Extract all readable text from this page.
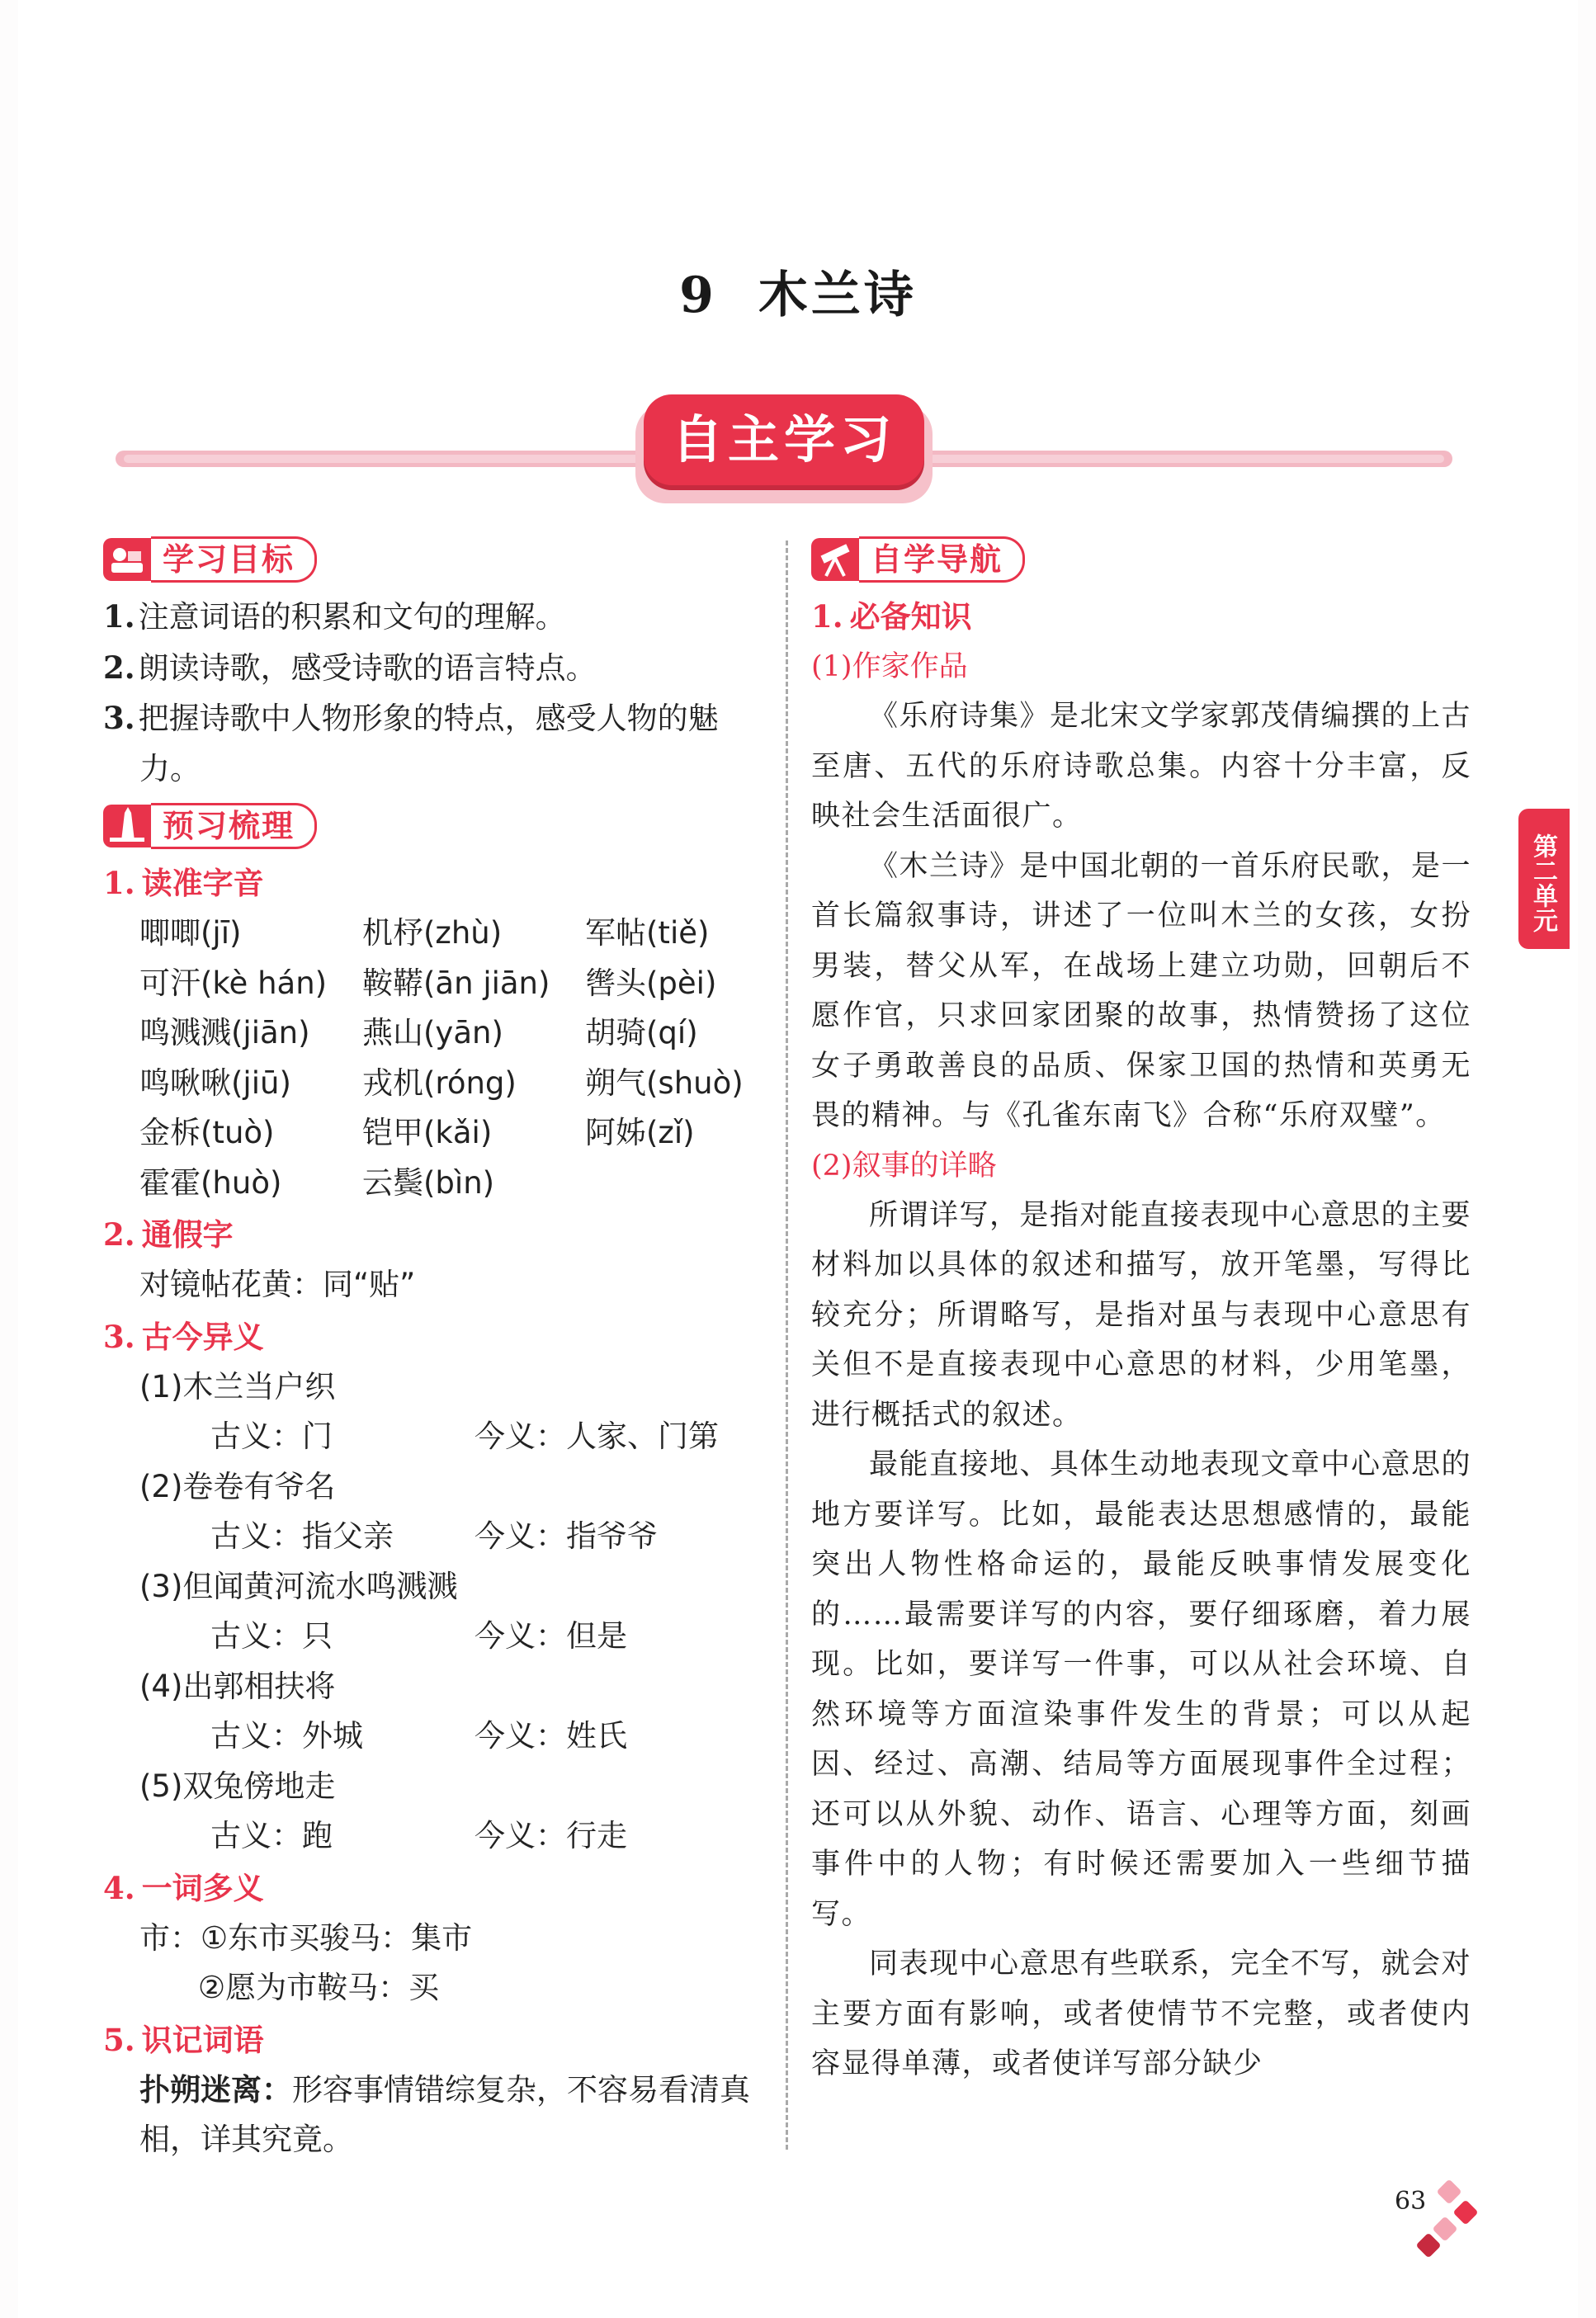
9 木兰诗
自主学习
学习目标
1. 注意词语的积累和文句的理解。
2. 朗读诗歌，感受诗歌的语言特点。
3. 把握诗歌中人物形象的特点，感受人物的魅力。
预习梳理
1. 读准字音
唧唧(jī)	机杼(zhù)	军帖(tiě)
可汗(kè hán)	鞍鞯(ān jiān)	辔头(pèi)
鸣溅溅(jiān)	燕山(yān)	胡骑(qí)
鸣啾啾(jiū)	戎机(róng)	朔气(shuò)
金柝(tuò)	铠甲(kǎi)	阿姊(zǐ)
霍霍(huò)	云鬓(bìn)
2. 通假字
对镜帖花黄：同“贴”
3. 古今异义
(1)木兰当户织
古义：门	今义：人家、门第
(2)卷卷有爷名
古义：指父亲	今义：指爷爷
(3)但闻黄河流水鸣溅溅
古义：只	今义：但是
(4)出郭相扶将
古义：外城	今义：姓氏
(5)双兔傍地走
古义：跑	今义：行走
4. 一词多义
市：①东市买骏马：集市
②愿为市鞍马：买
5. 识记词语
扑朔迷离：形容事情错综复杂，不容易看清真相，详其究竟。
自学导航
1. 必备知识
(1)作家作品
《乐府诗集》是北宋文学家郭茂倩编撰的上古至唐、五代的乐府诗歌总集。内容十分丰富，反映社会生活面很广。
《木兰诗》是中国北朝的一首乐府民歌，是一首长篇叙事诗，讲述了一位叫木兰的女孩，女扮男装，替父从军，在战场上建立功勋，回朝后不愿作官，只求回家团聚的故事，热情赞扬了这位女子勇敢善良的品质、保家卫国的热情和英勇无畏的精神。与《孔雀东南飞》合称“乐府双璧”。
(2)叙事的详略
所谓详写，是指对能直接表现中心意思的主要材料加以具体的叙述和描写，放开笔墨，写得比较充分；所谓略写，是指对虽与表现中心意思有关但不是直接表现中心意思的材料，少用笔墨，进行概括式的叙述。
最能直接地、具体生动地表现文章中心意思的地方要详写。比如，最能表达思想感情的，最能突出人物性格命运的，最能反映事情发展变化的……最需要详写的内容，要仔细琢磨，着力展现。比如，要详写一件事，可以从社会环境、自然环境等方面渲染事件发生的背景；可以从起因、经过、高潮、结局等方面展现事件全过程；还可以从外貌、动作、语言、心理等方面，刻画事件中的人物；有时候还需要加入一些细节描写。
同表现中心意思有些联系，完全不写，就会对主要方面有影响，或者使情节不完整，或者使内容显得单薄，或者使详写部分缺少
第二单元
63
